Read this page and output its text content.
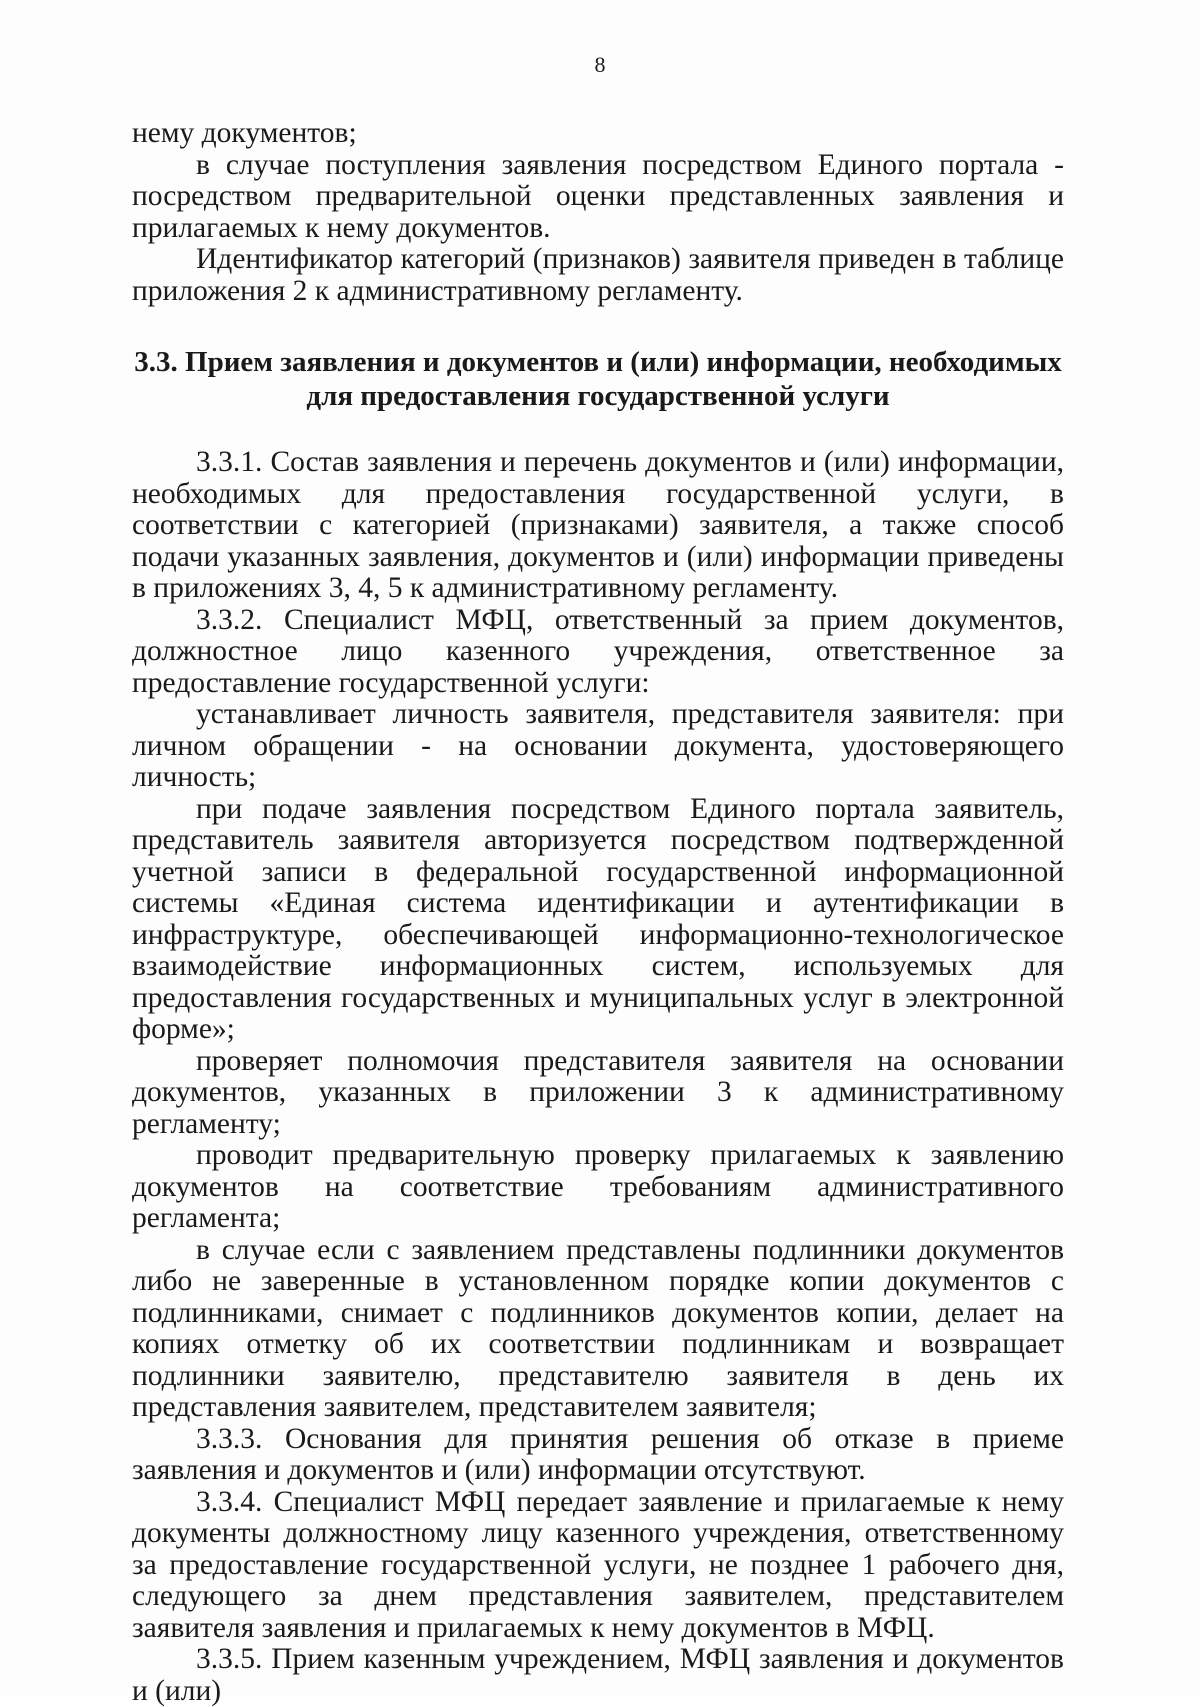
8

нему документов;

в случае поступления заявления посредством Единого портала - посредством предварительной оценки представленных заявления и прилагаемых к нему документов.

Идентификатор категорий (признаков) заявителя приведен в таблице приложения 2 к административному регламенту.

3.3. Прием заявления и документов и (или) информации, необходимых
для предоставления государственной услуги

3.3.1. Состав заявления и перечень документов и (или) информации, необходимых для предоставления государственной услуги, в соответствии с категорией (признаками) заявителя, а также способ подачи указанных заявления, документов и (или) информации приведены в приложениях 3, 4, 5 к административному регламенту.

3.3.2. Специалист МФЦ, ответственный за прием документов, должностное лицо казенного учреждения, ответственное за предоставление государственной услуги:

устанавливает личность заявителя, представителя заявителя: при личном обращении - на основании документа, удостоверяющего личность;

при подаче заявления посредством Единого портала заявитель, представитель заявителя авторизуется посредством подтвержденной учетной записи в федеральной государственной информационной системы «Единая система идентификации и аутентификации в инфраструктуре, обеспечивающей информационно-технологическое взаимодействие информационных систем, используемых для предоставления государственных и муниципальных услуг в электронной форме»;

проверяет полномочия представителя заявителя на основании документов, указанных в приложении 3 к административному регламенту;

проводит предварительную проверку прилагаемых к заявлению документов на соответствие требованиям административного регламента;

в случае если с заявлением представлены подлинники документов либо не заверенные в установленном порядке копии документов с подлинниками, снимает с подлинников документов копии, делает на копиях отметку об их соответствии подлинникам и возвращает подлинники заявителю, представителю заявителя в день их представления заявителем, представителем заявителя;

3.3.3. Основания для принятия решения об отказе в приеме заявления и документов и (или) информации отсутствуют.

3.3.4. Специалист МФЦ передает заявление и прилагаемые к нему документы должностному лицу казенного учреждения, ответственному за предоставление государственной услуги, не позднее 1 рабочего дня, следующего за днем представления заявителем, представителем заявителя заявления и прилагаемых к нему документов в МФЦ.

3.3.5. Прием казенным учреждением, МФЦ заявления и документов и (или)
